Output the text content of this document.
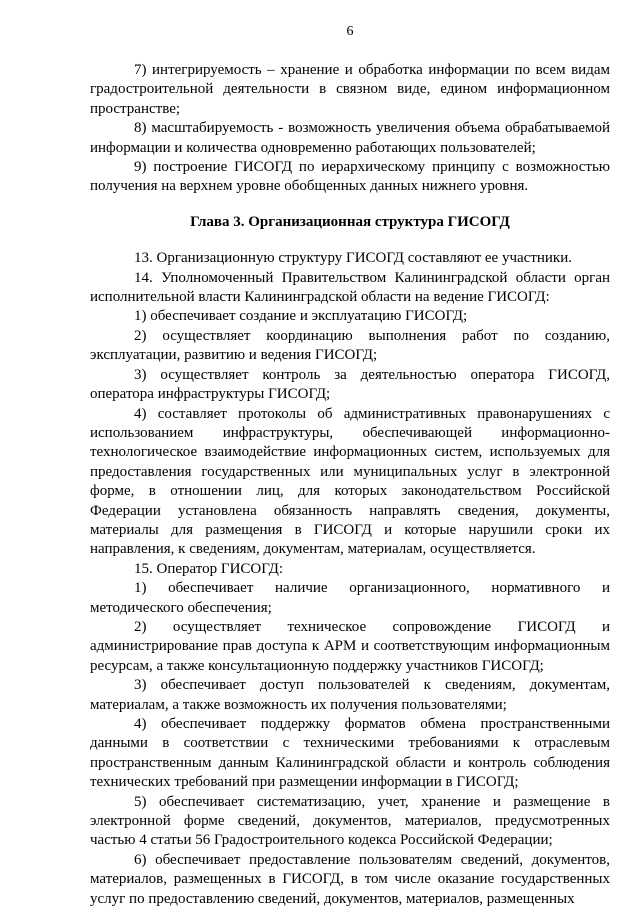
6

7) интегрируемость – хранение и обработка информации по всем видам градостроительной деятельности в связном виде, едином информационном пространстве;

8) масштабируемость - возможность увеличения объема обрабатываемой информации и количества одновременно работающих пользователей;

9) построение ГИСОГД по иерархическому принципу с возможностью получения на верхнем уровне обобщенных данных нижнего уровня.

Глава 3. Организационная структура ГИСОГД

13. Организационную структуру ГИСОГД составляют ее участники.

14. Уполномоченный Правительством Калининградской области орган исполнительной власти Калининградской области на ведение ГИСОГД:

1) обеспечивает создание и эксплуатацию ГИСОГД;

2) осуществляет координацию выполнения работ по созданию, эксплуатации, развитию и ведения ГИСОГД;

3) осуществляет контроль за деятельностью оператора ГИСОГД, оператора инфраструктуры ГИСОГД;

4) составляет протоколы об административных правонарушениях с использованием инфраструктуры, обеспечивающей информационно-технологическое взаимодействие информационных систем, используемых для предоставления государственных или муниципальных услуг в электронной форме, в отношении лиц, для которых законодательством Российской Федерации установлена обязанность направлять сведения, документы, материалы для размещения в ГИСОГД и которые нарушили сроки их направления, к сведениям, документам, материалам, осуществляется.

15. Оператор ГИСОГД:

1) обеспечивает наличие организационного, нормативного и методического обеспечения;

2) осуществляет техническое сопровождение ГИСОГД и администрирование прав доступа к АРМ и соответствующим информационным ресурсам, а также консультационную поддержку участников ГИСОГД;

3) обеспечивает доступ пользователей к сведениям, документам, материалам, а также возможность их получения пользователями;

4) обеспечивает поддержку форматов обмена пространственными данными в соответствии с техническими требованиями к отраслевым пространственным данным Калининградской области и контроль соблюдения технических требований при размещении информации в ГИСОГД;

5) обеспечивает систематизацию, учет, хранение и размещение в электронной форме сведений, документов, материалов, предусмотренных частью 4 статьи 56 Градостроительного кодекса Российской Федерации;

6) обеспечивает предоставление пользователям сведений, документов, материалов, размещенных в ГИСОГД, в том числе оказание государственных услуг по предоставлению сведений, документов, материалов, размещенных
